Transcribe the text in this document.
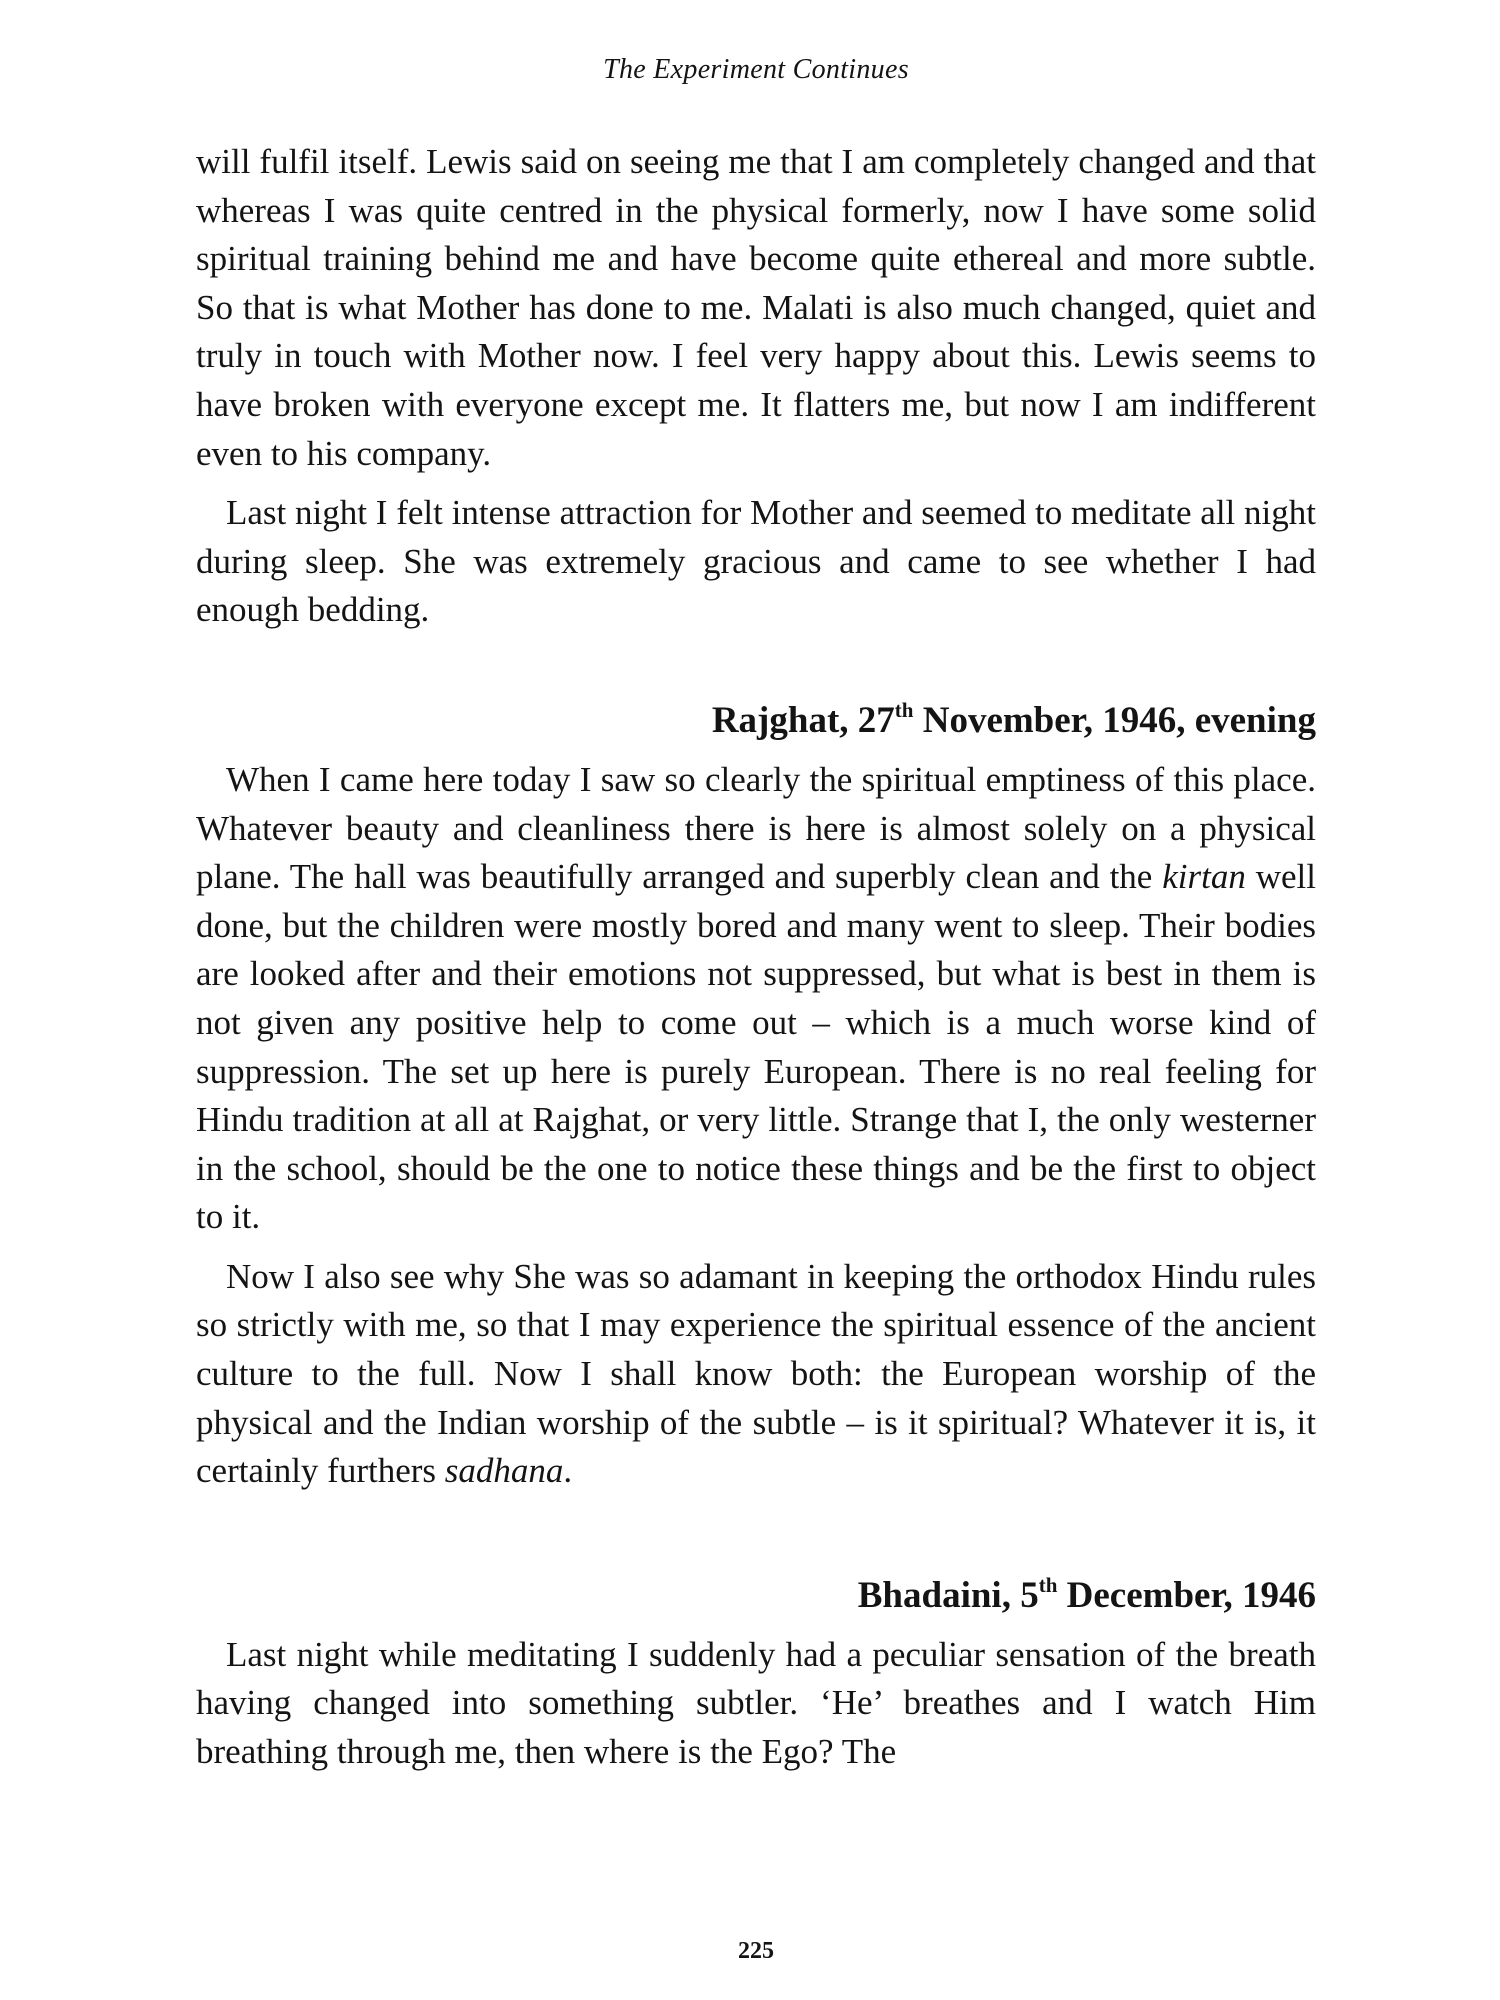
The Experiment Continues

will fulfil itself. Lewis said on seeing me that I am completely changed and that whereas I was quite centred in the physical formerly, now I have some solid spiritual training behind me and have become quite ethereal and more subtle. So that is what Mother has done to me. Malati is also much changed, quiet and truly in touch with Mother now. I feel very happy about this. Lewis seems to have broken with everyone except me. It flatters me, but now I am indifferent even to his company.

Last night I felt intense attraction for Mother and seemed to meditate all night during sleep. She was extremely gracious and came to see whether I had enough bedding.

Rajghat, 27th November, 1946, evening

When I came here today I saw so clearly the spiritual emptiness of this place. Whatever beauty and cleanliness there is here is almost solely on a physical plane. The hall was beautifully arranged and superbly clean and the kirtan well done, but the children were mostly bored and many went to sleep. Their bodies are looked after and their emotions not suppressed, but what is best in them is not given any positive help to come out – which is a much worse kind of suppression. The set up here is purely European. There is no real feeling for Hindu tradition at all at Rajghat, or very little. Strange that I, the only westerner in the school, should be the one to notice these things and be the first to object to it.

Now I also see why She was so adamant in keeping the orthodox Hindu rules so strictly with me, so that I may experience the spiritual essence of the ancient culture to the full. Now I shall know both: the European worship of the physical and the Indian worship of the subtle – is it spiritual? Whatever it is, it certainly furthers sadhana.

Bhadaini, 5th December, 1946

Last night while meditating I suddenly had a peculiar sensation of the breath having changed into something subtler. ‘He’ breathes and I watch Him breathing through me, then where is the Ego? The

225
